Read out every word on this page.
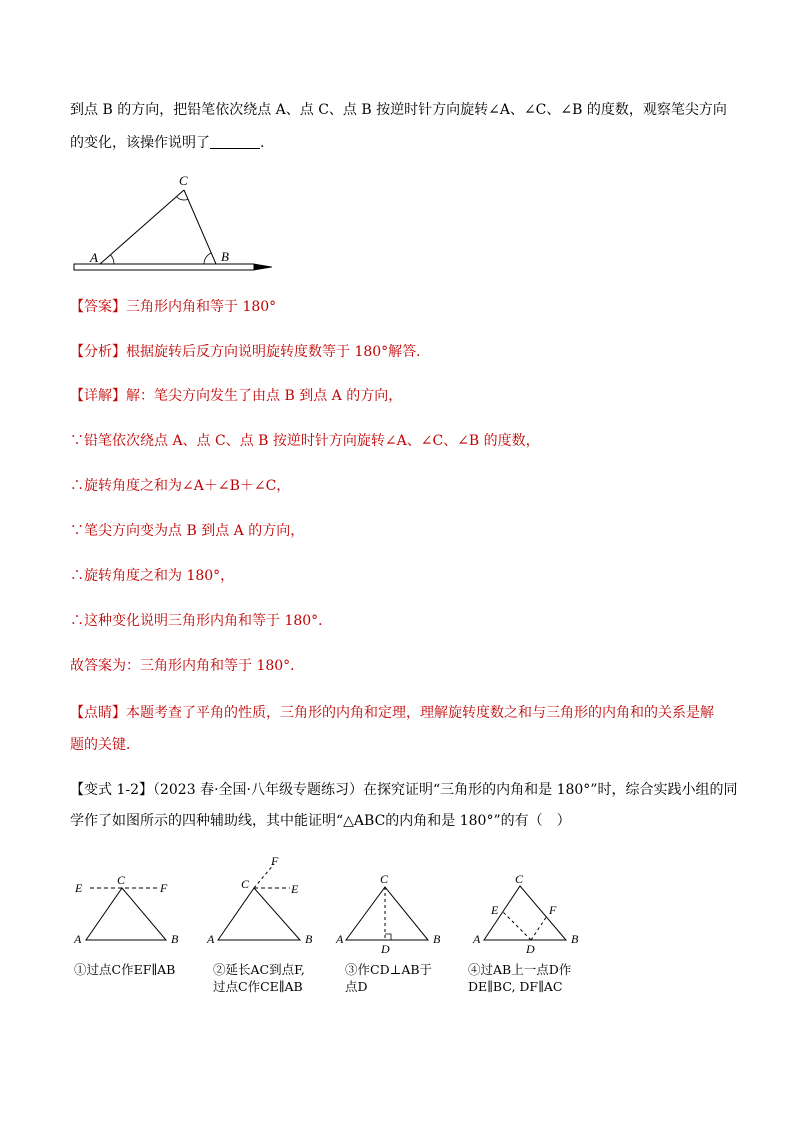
到点 B 的方向，把铅笔依次绕点 A、点 C、点 B 按逆时针方向旋转∠A、∠C、∠B 的度数，观察笔尖方向
的变化，该操作说明了	.
A	B
C
【答案】三角形内角和等于 180°
【分析】根据旋转后反方向说明旋转度数等于 180°解答．
【详解】解：笔尖方向发生了由点 B 到点 A 的方向，
∵铅笔依次绕点 A、点 C、点 B 按逆时针方向旋转∠A、∠C、∠B 的度数，
∴旋转角度之和为∠A＋∠B＋∠C，
∵笔尖方向变为点 B 到点 A 的方向，
∴旋转角度之和为 180°，
∴这种变化说明三角形内角和等于 180°．
故答案为：三角形内角和等于 180°．
【点睛】本题考查了平角的性质，三角形的内角和定理，理解旋转度数之和与三角形的内角和的关系是解
题的关键．
【变式 1-2】（2023 春·全国·八年级专题练习）在探究证明“三角形的内角和是 180°”时，综合实践小组的同
学作了如图所示的四种辅助线，其中能证明“△ABC的内角和是 180°”的有（　）
E
C
F
A	B
F
C	E
A	B
C
A
D
B
C
E	F
A
D
B
①过点C作EF∥AB	②延长AC到点F,
过点C作CE∥AB
③作CD⊥AB于
点D
④过AB上一点D作
DE∥BC, DF∥AC
